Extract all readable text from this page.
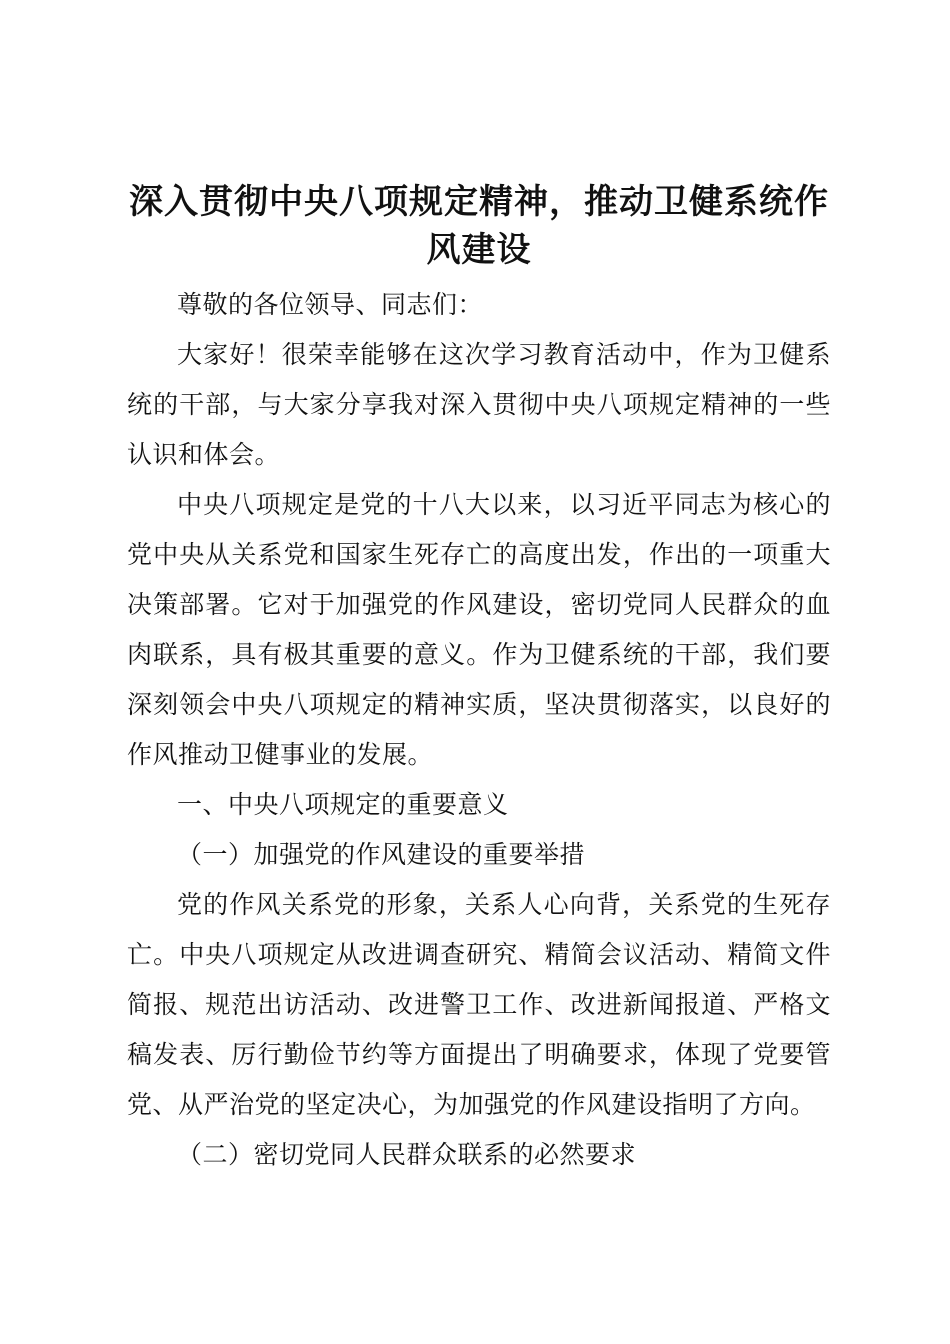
深入贯彻中央八项规定精神，推动卫健系统作风建设

尊敬的各位领导、同志们：

大家好！很荣幸能够在这次学习教育活动中，作为卫健系统的干部，与大家分享我对深入贯彻中央八项规定精神的一些认识和体会。

中央八项规定是党的十八大以来，以习近平同志为核心的党中央从关系党和国家生死存亡的高度出发，作出的一项重大决策部署。它对于加强党的作风建设，密切党同人民群众的血肉联系，具有极其重要的意义。作为卫健系统的干部，我们要深刻领会中央八项规定的精神实质，坚决贯彻落实，以良好的作风推动卫健事业的发展。

一、中央八项规定的重要意义

（一）加强党的作风建设的重要举措

党的作风关系党的形象，关系人心向背，关系党的生死存亡。中央八项规定从改进调查研究、精简会议活动、精简文件简报、规范出访活动、改进警卫工作、改进新闻报道、严格文稿发表、厉行勤俭节约等方面提出了明确要求，体现了党要管党、从严治党的坚定决心，为加强党的作风建设指明了方向。

（二）密切党同人民群众联系的必然要求
